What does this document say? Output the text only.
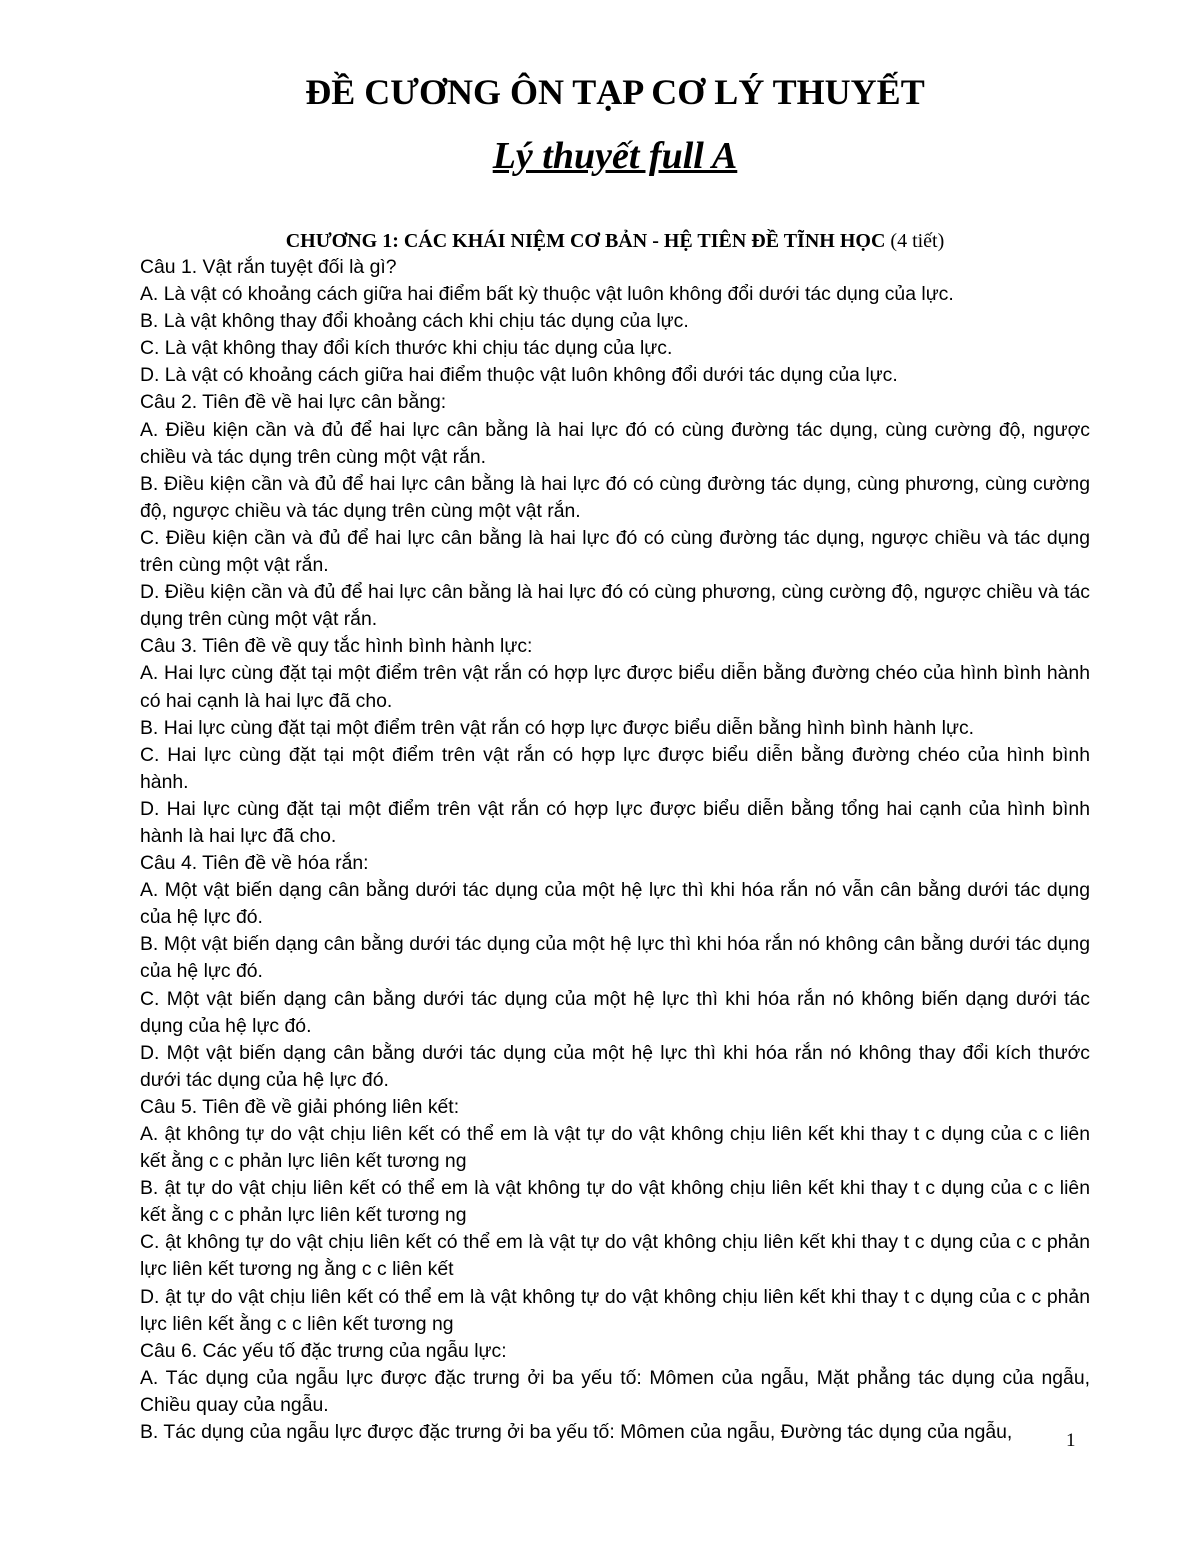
ĐỀ CƯƠNG ÔN TẠP CƠ LÝ THUYẾT
Lý thuyết full A
CHƯƠNG 1: CÁC KHÁI NIỆM CƠ BẢN - HỆ TIÊN ĐỀ TĨNH HỌC (4 tiết)
Câu 1. Vật rắn tuyệt đối là gì?
A. Là vật có khoảng cách giữa hai điểm bất kỳ thuộc vật luôn không đổi dưới tác dụng của lực.
B. Là vật không thay đổi khoảng cách khi chịu tác dụng của lực.
C. Là vật không thay đổi kích thước khi chịu tác dụng của lực.
D. Là vật có khoảng cách giữa hai điểm thuộc vật luôn không đổi dưới tác dụng của lực.
Câu 2. Tiên đề về hai lực cân bằng:
A. Điều kiện cần và đủ để hai lực cân bằng là hai lực đó có cùng đường tác dụng, cùng cường độ, ngược chiều và tác dụng trên cùng một vật rắn.
B. Điều kiện cần và đủ để hai lực cân bằng là hai lực đó có cùng đường tác dụng, cùng phương, cùng cường độ, ngược chiều và tác dụng trên cùng một vật rắn.
C. Điều kiện cần và đủ để hai lực cân bằng là hai lực đó có cùng đường tác dụng, ngược chiều và tác dụng trên cùng một vật rắn.
D. Điều kiện cần và đủ để hai lực cân bằng là hai lực đó có cùng phương, cùng cường độ, ngược chiều và tác dụng trên cùng một vật rắn.
Câu 3. Tiên đề về quy tắc hình bình hành lực:
A. Hai lực cùng đặt tại một điểm trên vật rắn có hợp lực được biểu diễn bằng đường chéo của hình bình hành có hai cạnh là hai lực đã cho.
B. Hai lực cùng đặt tại một điểm trên vật rắn có hợp lực được biểu diễn bằng hình bình hành lực.
C. Hai lực cùng đặt tại một điểm trên vật rắn có hợp lực được biểu diễn bằng đường chéo của hình bình hành.
D. Hai lực cùng đặt tại một điểm trên vật rắn có hợp lực được biểu diễn bằng tổng hai cạnh của hình bình hành là hai lực đã cho.
Câu 4. Tiên đề về hóa rắn:
A. Một vật biến dạng cân bằng dưới tác dụng của một hệ lực thì khi hóa rắn nó vẫn cân bằng dưới tác dụng của hệ lực đó.
B. Một vật biến dạng cân bằng dưới tác dụng của một hệ lực thì khi hóa rắn nó không cân bằng dưới tác dụng của hệ lực đó.
C. Một vật biến dạng cân bằng dưới tác dụng của một hệ lực thì khi hóa rắn nó không biến dạng dưới tác dụng của hệ lực đó.
D. Một vật biến dạng cân bằng dưới tác dụng của một hệ lực thì khi hóa rắn nó không thay đổi kích thước dưới tác dụng của hệ lực đó.
Câu 5. Tiên đề về giải phóng liên kết:
A. ật không tự do vật chịu liên kết có thể em là vật tự do vật không chịu liên kết khi thay t c dụng của c c liên kết ằng c c phản lực liên kết tương ng
B. ật tự do vật chịu liên kết có thể em là vật không tự do vật không chịu liên kết khi thay t c dụng của c c liên kết ằng c c phản lực liên kết tương ng
C. ật không tự do vật chịu liên kết có thể em là vật tự do vật không chịu liên kết khi thay t c dụng của c c phản lực liên kết tương ng ằng c c liên kết
D. ật tự do vật chịu liên kết có thể em là vật không tự do vật không chịu liên kết khi thay t c dụng của c c phản lực liên kết ằng c c liên kết tương ng
Câu 6. Các yếu tố đặc trưng của ngẫu lực:
A. Tác dụng của ngẫu lực được đặc trưng ởi ba yếu tố: Mômen của ngẫu, Mặt phẳng tác dụng của ngẫu, Chiều quay của ngẫu.
B. Tác dụng của ngẫu lực được đặc trưng ởi ba yếu tố: Mômen của ngẫu, Đường tác dụng của ngẫu,	1
